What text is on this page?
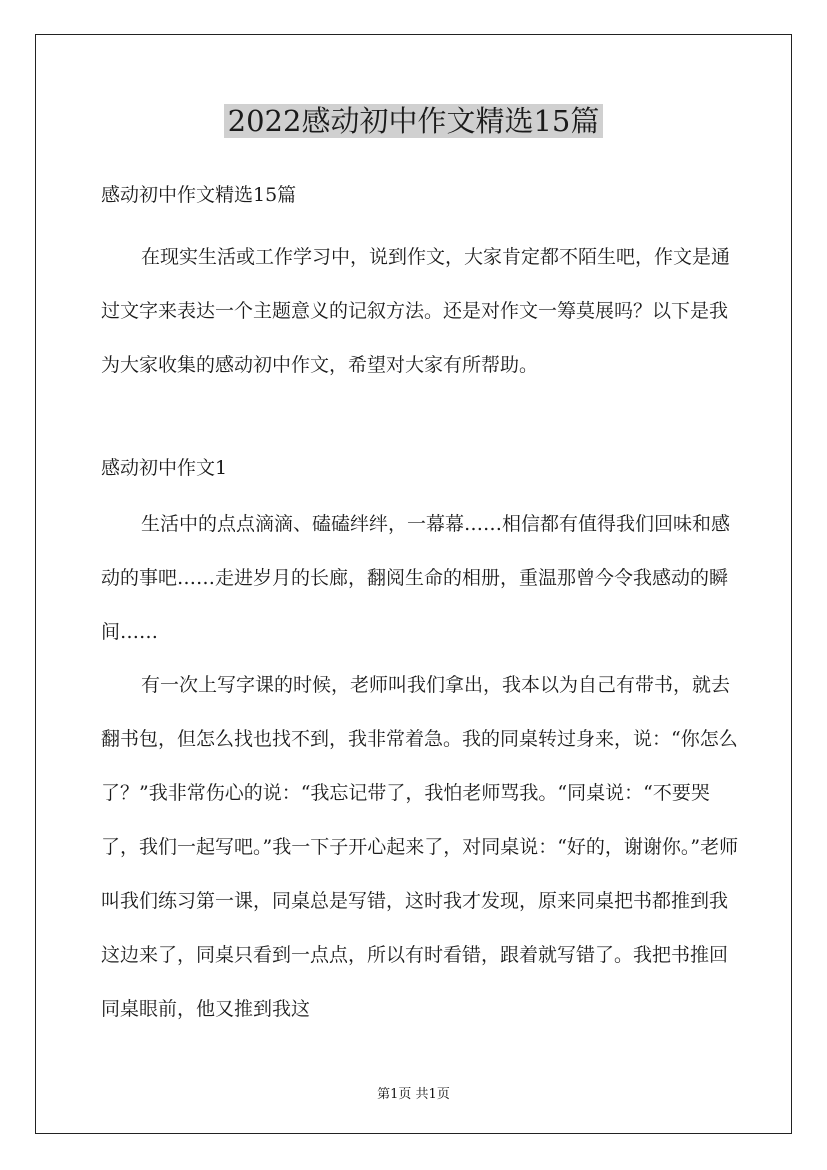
2022感动初中作文精选15篇

感动初中作文精选15篇

在现实生活或工作学习中，说到作文，大家肯定都不陌生吧，作文是通过文字来表达一个主题意义的记叙方法。还是对作文一筹莫展吗？以下是我为大家收集的感动初中作文，希望对大家有所帮助。

感动初中作文1

生活中的点点滴滴、磕磕绊绊，一幕幕……相信都有值得我们回味和感动的事吧……走进岁月的长廊，翻阅生命的相册，重温那曾今令我感动的瞬间……

有一次上写字课的时候，老师叫我们拿出，我本以为自己有带书，就去翻书包，但怎么找也找不到，我非常着急。我的同桌转过身来，说：“你怎么了？”我非常伤心的说：“我忘记带了，我怕老师骂我。“同桌说：“不要哭了，我们一起写吧。”我一下子开心起来了，对同桌说：“好的，谢谢你。”老师叫我们练习第一课，同桌总是写错，这时我才发现，原来同桌把书都推到我这边来了，同桌只看到一点点，所以有时看错，跟着就写错了。我把书推回同桌眼前，他又推到我这

第1页 共1页
